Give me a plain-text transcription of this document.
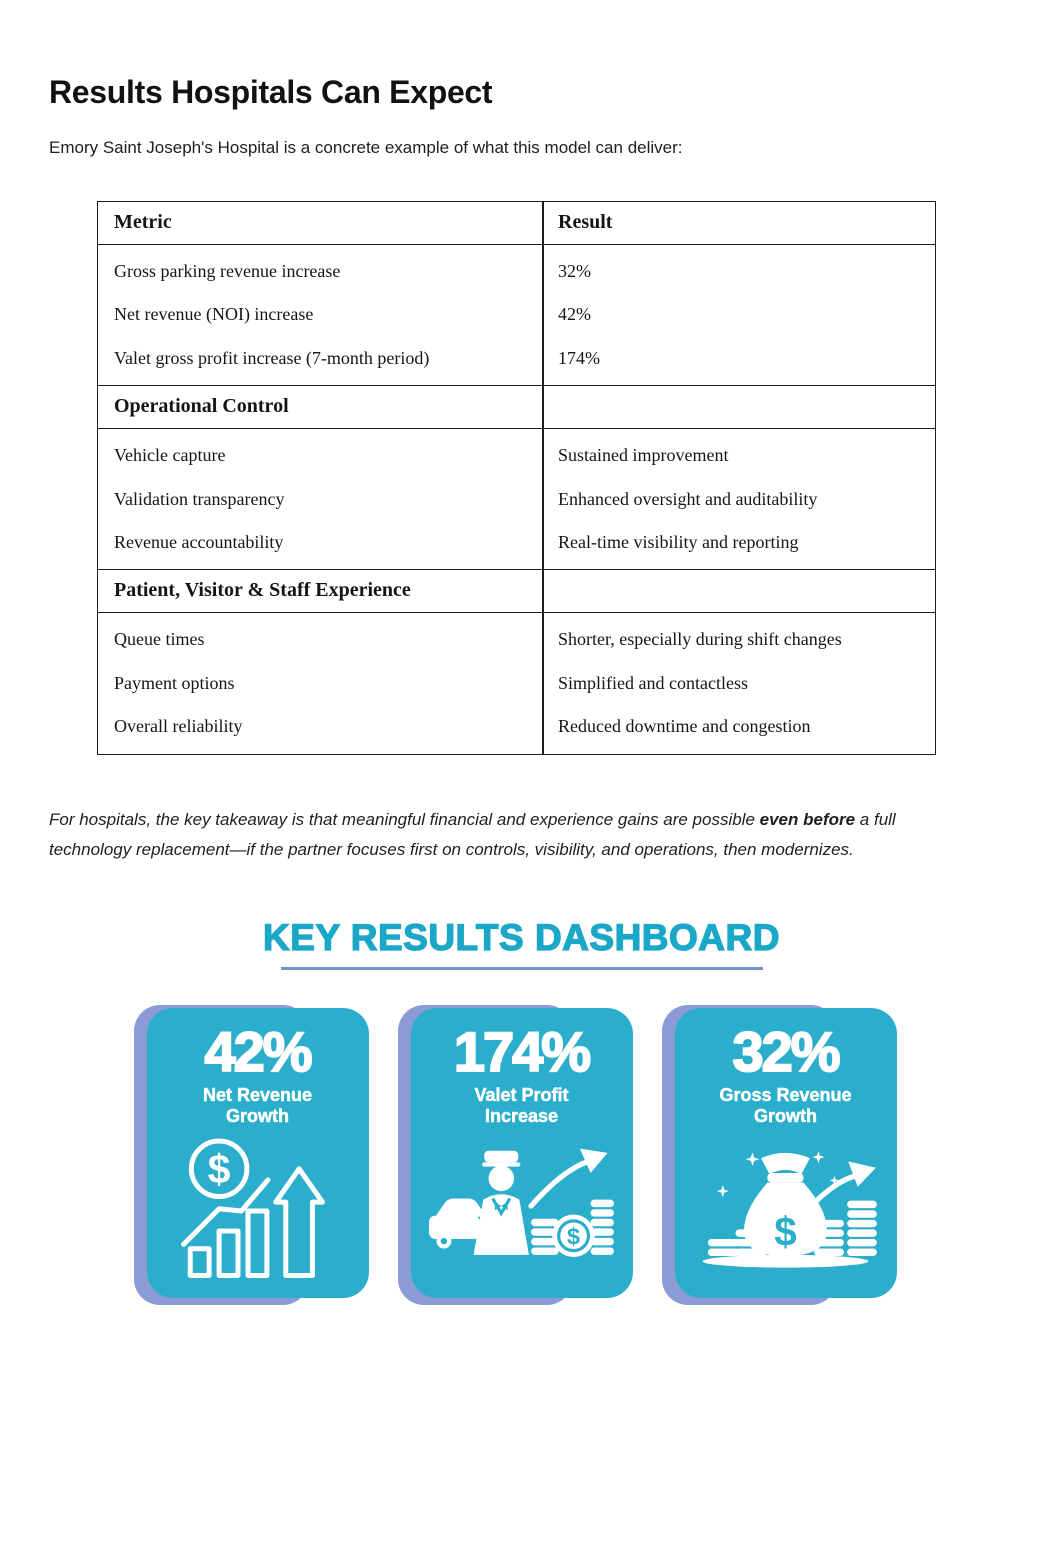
Results Hospitals Can Expect

Emory Saint Joseph's Hospital is a concrete example of what this model can deliver:

Metric	Result
Gross parking revenue increase	32%
Net revenue (NOI) increase	42%
Valet gross profit increase (7-month period)	174%
Operational Control
Vehicle capture	Sustained improvement
Validation transparency	Enhanced oversight and auditability
Revenue accountability	Real-time visibility and reporting
Patient, Visitor & Staff Experience
Queue times	Shorter, especially during shift changes
Payment options	Simplified and contactless
Overall reliability	Reduced downtime and congestion

For hospitals, the key takeaway is that meaningful financial and experience gains are possible even before a full technology replacement—if the partner focuses first on controls, visibility, and operations, then modernizes.

KEY RESULTS DASHBOARD
42%
Net Revenue
Growth
$
174%
Valet Profit
Increase
$
32%
Gross Revenue
Growth
$
